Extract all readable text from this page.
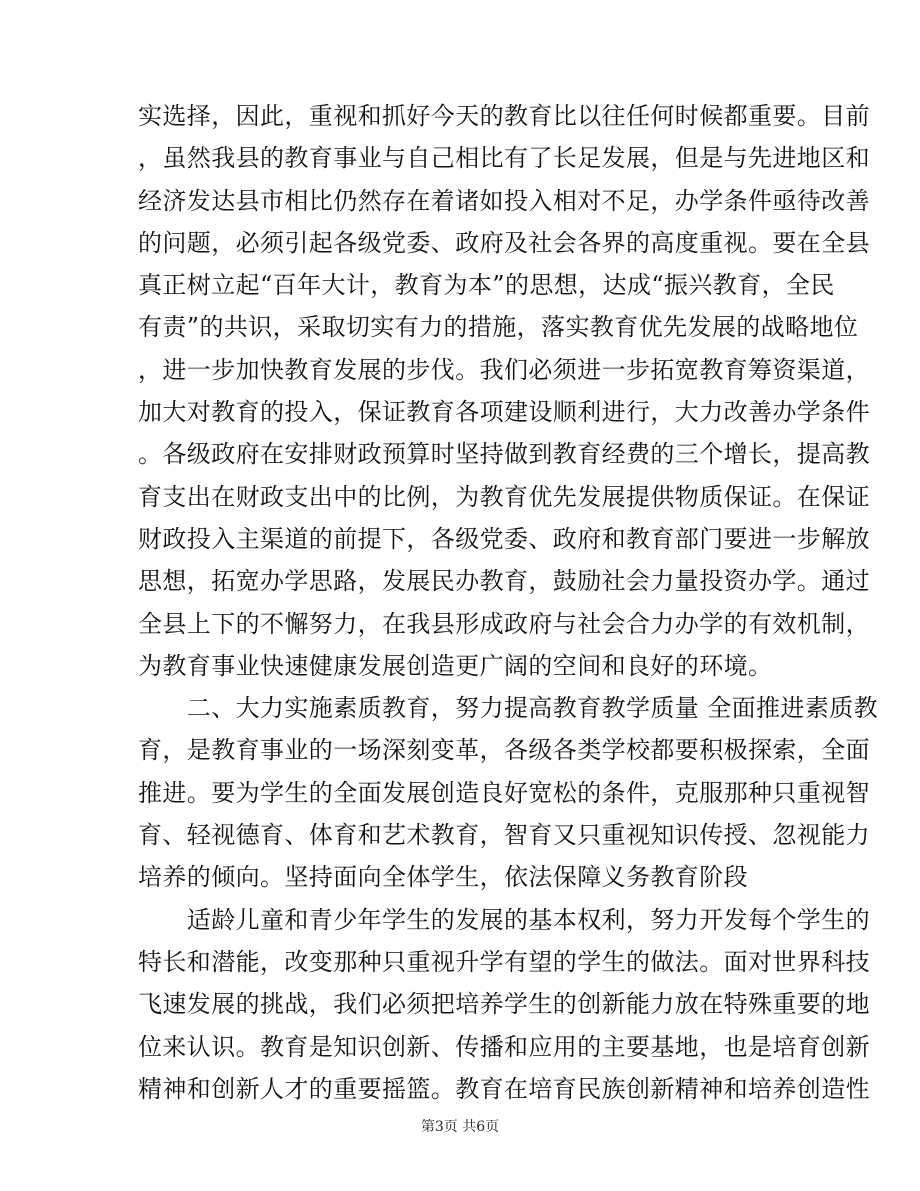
实选择，因此，重视和抓好今天的教育比以往任何时候都重要。目前
，虽然我县的教育事业与自己相比有了长足发展，但是与先进地区和
经济发达县市相比仍然存在着诸如投入相对不足，办学条件亟待改善
的问题，必须引起各级党委、政府及社会各界的高度重视。要在全县
真正树立起“百年大计，教育为本”的思想，达成“振兴教育，全民
有责”的共识，采取切实有力的措施，落实教育优先发展的战略地位
，进一步加快教育发展的步伐。我们必须进一步拓宽教育筹资渠道，
加大对教育的投入，保证教育各项建设顺利进行，大力改善办学条件
。各级政府在安排财政预算时坚持做到教育经费的三个增长，提高教
育支出在财政支出中的比例，为教育优先发展提供物质保证。在保证
财政投入主渠道的前提下，各级党委、政府和教育部门要进一步解放
思想，拓宽办学思路，发展民办教育，鼓励社会力量投资办学。通过
全县上下的不懈努力，在我县形成政府与社会合力办学的有效机制，
为教育事业快速健康发展创造更广阔的空间和良好的环境。
　　二、大力实施素质教育，努力提高教育教学质量 全面推进素质教
育，是教育事业的一场深刻变革，各级各类学校都要积极探索，全面
推进。要为学生的全面发展创造良好宽松的条件，克服那种只重视智
育、轻视德育、体育和艺术教育，智育又只重视知识传授、忽视能力
培养的倾向。坚持面向全体学生，依法保障义务教育阶段
　　适龄儿童和青少年学生的发展的基本权利，努力开发每个学生的
特长和潜能，改变那种只重视升学有望的学生的做法。面对世界科技
飞速发展的挑战，我们必须把培养学生的创新能力放在特殊重要的地
位来认识。教育是知识创新、传播和应用的主要基地，也是培育创新
精神和创新人才的重要摇篮。教育在培育民族创新精神和培养创造性
第3页 共6页
